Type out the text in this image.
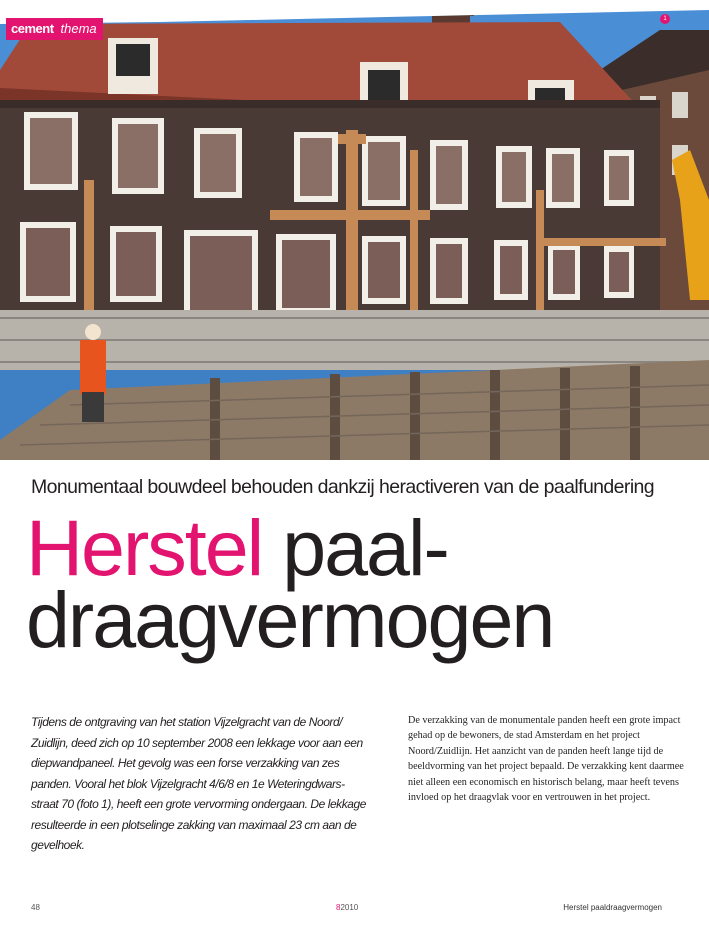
cement thema
1
Monumentaal bouwdeel behouden dankzij heractiveren van de paalfundering
Herstel paal-
draagvermogen

Tijdens de ontgraving van het station Vijzelgracht van de Noord/ Zuidlijn, deed zich op 10 september 2008 een lekkage voor aan een diepwandpaneel. Het gevolg was een forse verzakking van zes panden. Vooral het blok Vijzelgracht 4/6/8 en 1e Weteringdwars-straat 70 (foto 1), heeft een grote vervorming ondergaan. De lekkage resulteerde in een plotselinge zakking van maximaal 23 cm aan de gevelhoek.

De verzakking van de monumentale panden heeft een grote impact gehad op de bewoners, de stad Amsterdam en het project Noord/Zuidlijn. Het aanzicht van de panden heeft lange tijd de beeldvorming van het project bepaald. De verzakking kent daarmee niet alleen een economisch en historisch belang, maar heeft tevens invloed op het draagvlak voor en vertrouwen in het project.

48	82010	Herstel paaldraagvermogen
